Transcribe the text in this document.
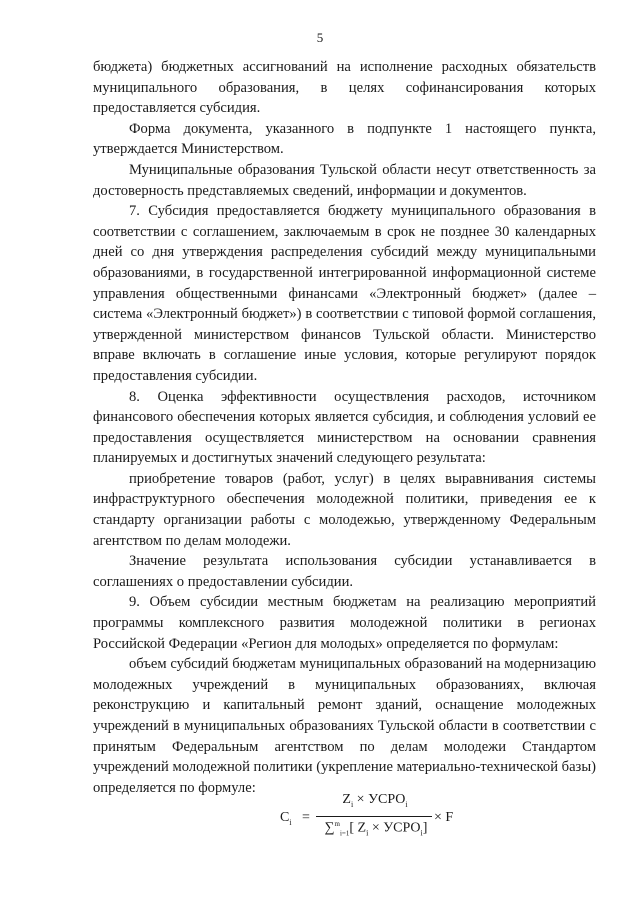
5

бюджета) бюджетных ассигнований на исполнение расходных обязательств муниципального образования, в целях софинансирования которых предоставляется субсидия.

Форма документа, указанного в подпункте 1 настоящего пункта, утверждается Министерством.

Муниципальные образования Тульской области несут ответственность за достоверность представляемых сведений, информации и документов.

7. Субсидия предоставляется бюджету муниципального образования в соответствии с соглашением, заключаемым в срок не позднее 30 календарных дней со дня утверждения распределения субсидий между муниципальными образованиями, в государственной интегрированной информационной системе управления общественными финансами «Электронный бюджет» (далее – система «Электронный бюджет») в соответствии с типовой формой соглашения, утвержденной министерством финансов Тульской области. Министерство вправе включать в соглашение иные условия, которые регулируют порядок предоставления субсидии.

8. Оценка эффективности осуществления расходов, источником финансового обеспечения которых является субсидия, и соблюдения условий ее предоставления осуществляется министерством на основании сравнения планируемых и достигнутых значений следующего результата:

приобретение товаров (работ, услуг) в целях выравнивания системы инфраструктурного обеспечения молодежной политики, приведения ее к стандарту организации работы с молодежью, утвержденному Федеральным агентством по делам молодежи.

Значение результата использования субсидии устанавливается в соглашениях о предоставлении субсидии.

9. Объем субсидии местным бюджетам на реализацию мероприятий программы комплексного развития молодежной политики в регионах Российской Федерации «Регион для молодых» определяется по формулам:

объем субсидий бюджетам муниципальных образований на модернизацию молодежных учреждений в муниципальных образованиях, включая реконструкцию и капитальный ремонт зданий, оснащение молодежных учреждений в муниципальных образованиях Тульской области в соответствии с принятым Федеральным агентством по делам молодежи Стандартом учреждений молодежной политики (укрепление материально-технической базы) определяется по формуле:

$C_i$ =
$Z_i$ × $УСРО_i$
∑$^m_{i=1}$[ $Z_i$ × $УСРО_i$]
× F
